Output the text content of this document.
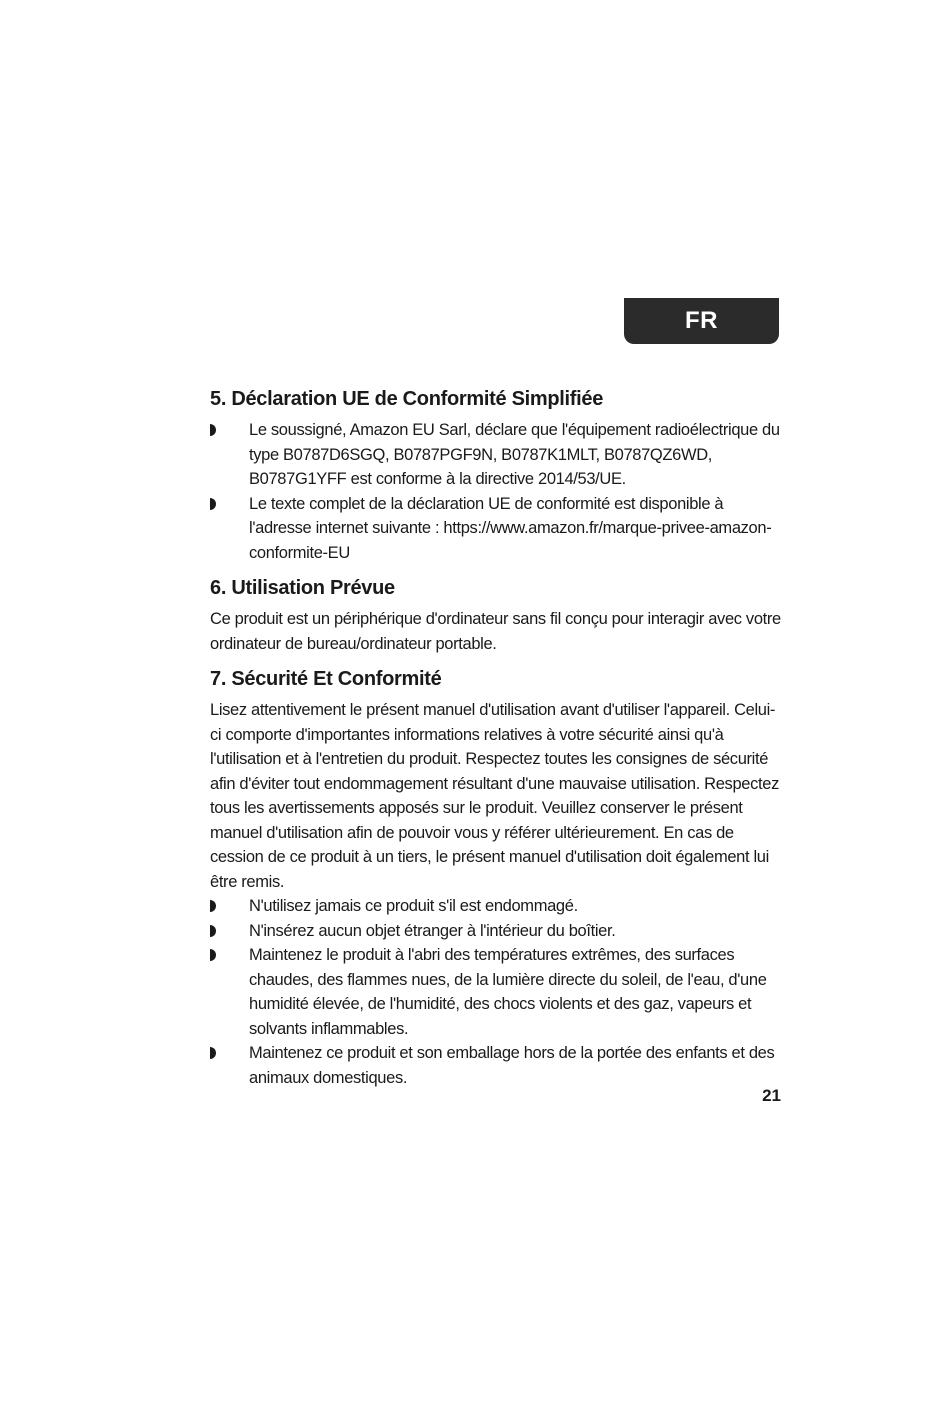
FR
5. Déclaration UE de Conformité Simplifiée
Le soussigné, Amazon EU Sarl, déclare que l'équipement radioélectrique du type B0787D6SGQ, B0787PGF9N, B0787K1MLT, B0787QZ6WD, B0787G1YFF est conforme à la directive 2014/53/UE.
Le texte complet de la déclaration UE de conformité est disponible à l'adresse internet suivante : https://www.amazon.fr/marque-privee-amazon-conformite-EU
6. Utilisation Prévue

Ce produit est un périphérique d'ordinateur sans fil conçu pour interagir avec votre ordinateur de bureau/ordinateur portable.

7. Sécurité Et Conformité

Lisez attentivement le présent manuel d'utilisation avant d'utiliser l'appareil. Celui-ci comporte d'importantes informations relatives à votre sécurité ainsi qu'à l'utilisation et à l'entretien du produit. Respectez toutes les consignes de sécurité afin d'éviter tout endommagement résultant d'une mauvaise utilisation. Respectez tous les avertissements apposés sur le produit. Veuillez conserver le présent manuel d'utilisation afin de pouvoir vous y référer ultérieurement. En cas de cession de ce produit à un tiers, le présent manuel d'utilisation doit également lui être remis.

N'utilisez jamais ce produit s'il est endommagé.
N'insérez aucun objet étranger à l'intérieur du boîtier.
Maintenez le produit à l'abri des températures extrêmes, des surfaces chaudes, des flammes nues, de la lumière directe du soleil, de l'eau, d'une humidité élevée, de l'humidité, des chocs violents et des gaz, vapeurs et solvants inflammables.
Maintenez ce produit et son emballage hors de la portée des enfants et des animaux domestiques.
21
